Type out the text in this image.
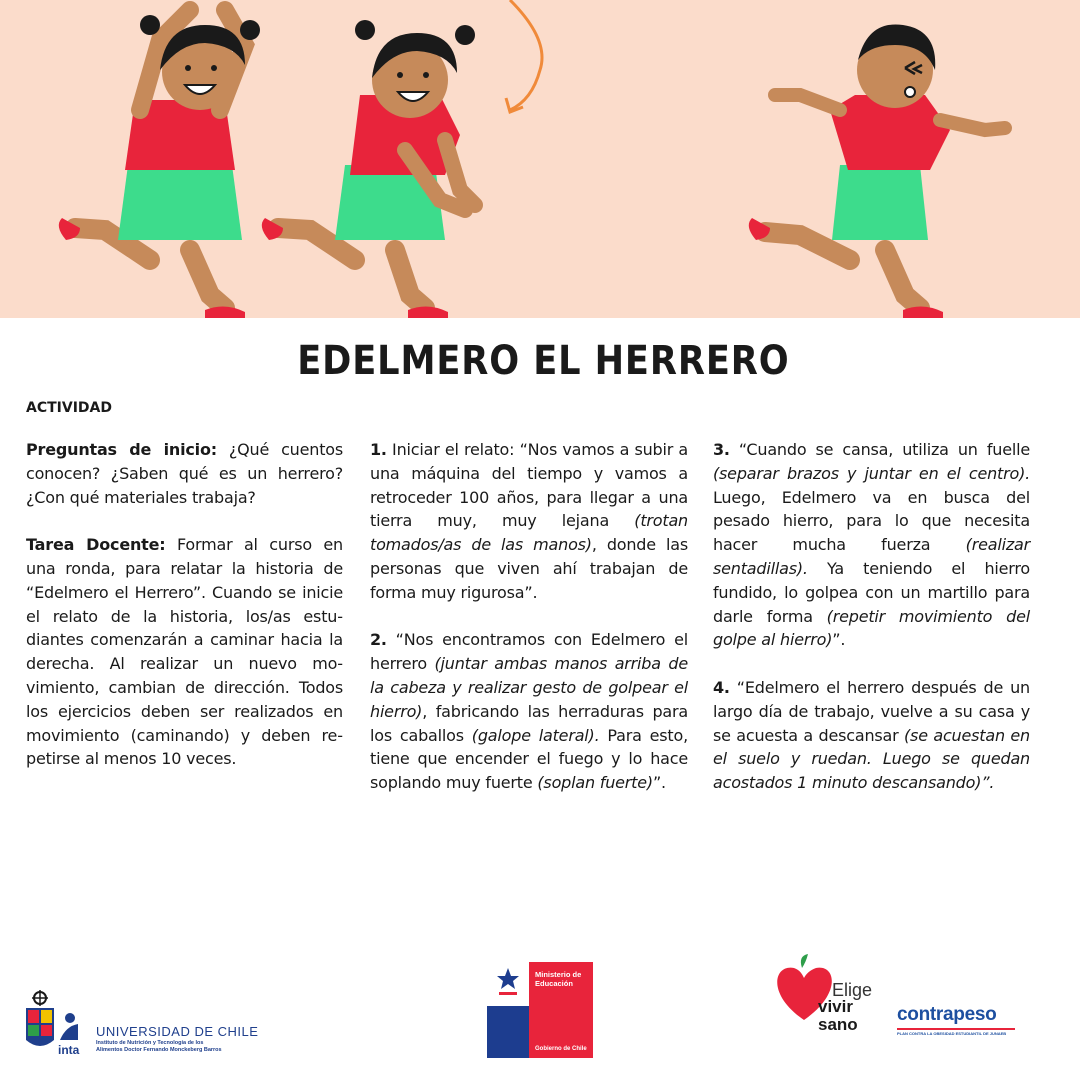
EDELMERO EL HERRERO
ACTIVIDAD

Preguntas de inicio: ¿Qué cuentos conocen? ¿Saben qué es un herrero? ¿Con qué materiales trabaja?

Tarea Docente: Formar al curso en una ronda, para relatar la historia de “Edelmero el Herrero”. Cuando se inicie el relato de la historia, los/as estudiantes comenzarán a caminar hacia la derecha. Al realizar un nuevo movimiento, cambian de dirección. Todos los ejercicios deben ser realizados en movimiento (caminando) y deben repetirse al menos 10 veces.

1. Iniciar el relato: “Nos vamos a subir a una máquina del tiempo y vamos a retroceder 100 años, para llegar a una tierra muy, muy lejana (trotan tomados/as de las manos), donde las personas que viven ahí trabajan de forma muy rigurosa”.

2. “Nos encontramos con Edelmero el herrero (juntar ambas manos arriba de la cabeza y realizar gesto de golpear el hierro), fabricando las herraduras para los caballos (galope lateral). Para esto, tiene que encender el fuego y lo hace soplando muy fuerte (soplan fuerte)”.

3. “Cuando se cansa, utiliza un fuelle (separar brazos y juntar en el centro). Luego, Edelmero va en busca del pesado hierro, para lo que necesita hacer mucha fuerza (realizar sentadillas). Ya teniendo el hierro fundido, lo golpea con un martillo para darle forma (repetir movimiento del golpe al hierro)”.

4. “Edelmero el herrero después de un largo día de trabajo, vuelve a su casa y se acuesta a descansar (se acuestan en el suelo y ruedan. Luego se quedan acostados 1 minuto descansando)”.

UNIVERSIDAD DE CHILE
Instituto de Nutrición y Tecnología de los Alimentos Doctor Fernando Monckeberg Barros
inta
Ministerio de Educación
Gobierno de Chile
Elige
vivir
sano contrapeso
PLAN CONTRA LA OBESIDAD ESTUDIANTIL DE JUNAEB
